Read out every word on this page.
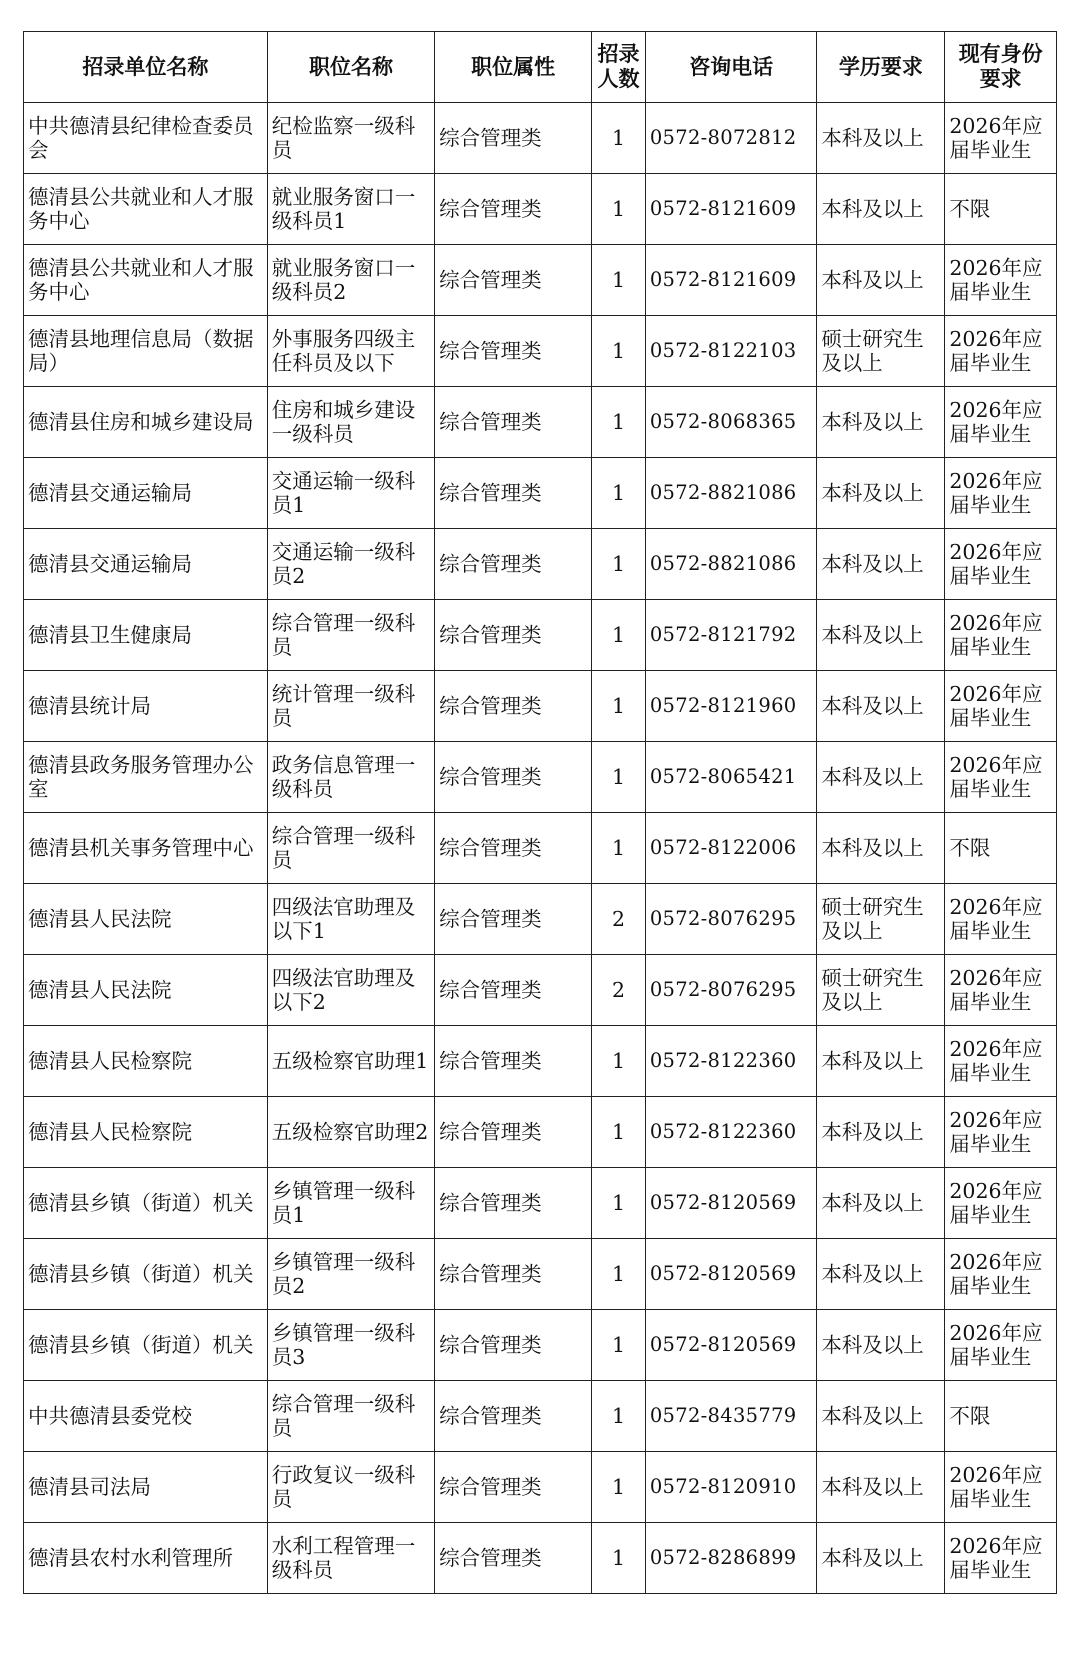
招录单位名称	职位名称	职位属性	招录人数	咨询电话	学历要求	现有身份要求
中共德清县纪律检查委员会	纪检监察一级科员	综合管理类	1	0572-8072812	本科及以上	2026年应届毕业生
德清县公共就业和人才服务中心	就业服务窗口一级科员1	综合管理类	1	0572-8121609	本科及以上	不限
德清县公共就业和人才服务中心	就业服务窗口一级科员2	综合管理类	1	0572-8121609	本科及以上	2026年应届毕业生
德清县地理信息局（数据局）	外事服务四级主任科员及以下	综合管理类	1	0572-8122103	硕士研究生及以上	2026年应届毕业生
德清县住房和城乡建设局	住房和城乡建设一级科员	综合管理类	1	0572-8068365	本科及以上	2026年应届毕业生
德清县交通运输局	交通运输一级科员1	综合管理类	1	0572-8821086	本科及以上	2026年应届毕业生
德清县交通运输局	交通运输一级科员2	综合管理类	1	0572-8821086	本科及以上	2026年应届毕业生
德清县卫生健康局	综合管理一级科员	综合管理类	1	0572-8121792	本科及以上	2026年应届毕业生
德清县统计局	统计管理一级科员	综合管理类	1	0572-8121960	本科及以上	2026年应届毕业生
德清县政务服务管理办公室	政务信息管理一级科员	综合管理类	1	0572-8065421	本科及以上	2026年应届毕业生
德清县机关事务管理中心	综合管理一级科员	综合管理类	1	0572-8122006	本科及以上	不限
德清县人民法院	四级法官助理及以下1	综合管理类	2	0572-8076295	硕士研究生及以上	2026年应届毕业生
德清县人民法院	四级法官助理及以下2	综合管理类	2	0572-8076295	硕士研究生及以上	2026年应届毕业生
德清县人民检察院	五级检察官助理1	综合管理类	1	0572-8122360	本科及以上	2026年应届毕业生
德清县人民检察院	五级检察官助理2	综合管理类	1	0572-8122360	本科及以上	2026年应届毕业生
德清县乡镇（街道）机关	乡镇管理一级科员1	综合管理类	1	0572-8120569	本科及以上	2026年应届毕业生
德清县乡镇（街道）机关	乡镇管理一级科员2	综合管理类	1	0572-8120569	本科及以上	2026年应届毕业生
德清县乡镇（街道）机关	乡镇管理一级科员3	综合管理类	1	0572-8120569	本科及以上	2026年应届毕业生
中共德清县委党校	综合管理一级科员	综合管理类	1	0572-8435779	本科及以上	不限
德清县司法局	行政复议一级科员	综合管理类	1	0572-8120910	本科及以上	2026年应届毕业生
德清县农村水利管理所	水利工程管理一级科员	综合管理类	1	0572-8286899	本科及以上	2026年应届毕业生
